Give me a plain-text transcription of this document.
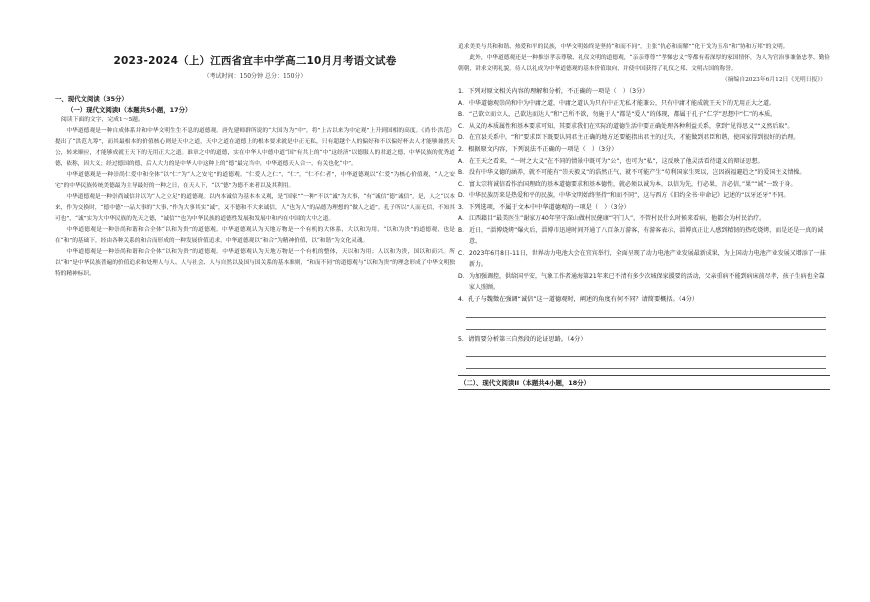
2023-2024（上）江西省宜丰中学高二10月月考语文试卷
（考试时间：150分钟 总分：150分）
一、现代文阅读（35分）
（一）现代文阅读I（本题共5小题，17分）
阅读下面的文字，完成1～5题。
中华道德观是一种自成体系并和中华文明生生不息的道德观。唐先建师群所说的“大国为为”中”，将”上古以来为中定观”上升到国相的高度。《尚书·洪范》提出了“洪范九筹”，而其最根本的价值核心则是天中之道，天中之道在道德上的根本要求就是中正无私，只有超越个人的偏好和不以偏好杯去人才能够兼然天公，转来顺应，才能够成就王天下的无用正大之道。谁章之中的道德，实在中华人中德中道“国”有共上的“中“这经济”以德服人的君道之德，中华民族的优秀道德，依称，因大义；经过德国的德，后人大力的是中华人中这种上的“德“最完当中，中华道德天人合一，有关也化“中”。
中华道德观是一种崇尚仁爱中和全体“以”仁”为“人之安宅”的道德观。“仁爱人之仁”，“仁”，“仁不仁者”，中华道德观以“仁爱”为核心价值观，“人之安宅”的中华民族传统美德最为主导最好的一种之日，在天人下，“以“德”为德不来者以及其利用。
中华道德观是一种崇尚诚信并以为“人之立足”的道德观。以内本诚信为基本本义观，是“国家”“一种”不以“诚”为大事，“有“诚信“德”诚信”，是，人之“以本来，作为交换时，“德中德”一品大事的“大事，”作为大事其实“诚”，又不德和不大来诚信，人“也为人”的品德为理想的“做人之道”。孔子所以”人而无信，不知其可也”，“诚”实为大中华民族的先天之德，“诚信“”也为中华民族的道德性发展和发展中和内在中国的大中之道。
中华道德观是一种崇尚和谐和合全体“以和为贵”的道德观。中华道德观认为天地万物是一个有机的大体系，大以和为用，“以和为贵”的道德观，也是在“和”的基础下，经由各种关系的和合而形成的一种发展价值追求，中华道德观以“和合”为精神价值，以“和谐”为文化灵魂。
中华道德观是一种崇尚和谐和合全体“以和为贵”的道德观。中华道德观认为天地万物是一个有机的整体，天以和为用；人以和为贵，国以和而兴。所以“和”是中华民族普遍的价值追求和处理人与人、人与社会、人与自然以及国与国关系的基本准则，“和而不同”的道德观与“以和为贵”的理念形成了中华文明独特的精神标识。
追求美美与共和和谐、热爱和平的民族，中华文明始终是坚持“和而不同”，主张“仇必和而解”“化干戈为玉帛”和“协和万邦”的文明。
此外，中华道德观还是一种推崇孝亲尊敬、礼仪文明的道德观，“亲亲尊尊”“孝悌忠义”等都有着深厚的家国情怀，为人为官治事兼备忠孝、勤俭朝朝，讲求文明礼貌，待人以礼成为中华道德观的基本价值取向，并使中国获得了礼仪之邦、文明古国的称誉。
（摘编自2023年6月12日《光明日报》）
1．下列对原文相关内容的理解和分析，不正确的一项是（　）（3分）
A．中华道德观崇尚和中为中庸之道，中庸之道认为只有中正无私才能兼公，只有中庸才能成就王天下的无用正大之道。
B．“己欲立而立人，己欲达而达人”和“己所不欲，勿施于人”都是“爱人”的体现，都属于孔子“仁学”思想中“仁”的本质。
C．从义的本质属性和基本要求可知，其要求我们在实际的道德生活中要正确处理各种利益关系，拿到“见得思义”“义然后取”。
D．在宜县关系中，“和”要求臣下既要认同君主正确的地方还要能指出君主的过失，才能做到君臣和谐，使国家得到很好的治理。
2．根据原文内容，下列说法不正确的一项是（　）（3分）
A．在王天之看来，“一时之大义”在不同的情景中既可为“公”，也可为“私”，这反映了他灵活看待道义的辩证思想。
B．没有中华义德的涵养，就不可能有“崇天毅义”的浩然正气，就不可能产生“苟利国家生死以，岂因祸福避趋之”的爱国主义情操。
C．富太宗将诚信看作治国理政的基本道德要求和基本德性，就必须以诚为本，以信为先，行必果，言必信，”果”“诚”一致于身。
D．中华民族历来是热爱和平的民族，中华文明始终坚持“和而不同”，这与西方《旧约全书·申命记》记述的“以牙还牙”不同。
3．下列选项，不属于文本中中华道德观的一项是（　）（3分）
A．江西籍目“最美医生”谢家万40年坚守深山做村民健康“守门人”，不管村民什么时候来看病，他都会为村民治疗。
B．近日，“淄博烧烤”爆火后，淄博市迅速时间开通了八百条万游客，有游客表示，淄博真正让人感到精韧的热吃烧烤，而是还是一真的诚意。
C．2023年6月8日-11日，世界动力电池大会在宜宾举行，全面呈现了动力电池产业发展最新成果，为上国动力电池产业发展又增添了一抹新力。
D．为加强调控，供给国平安，气象工作者通海第21年来已不清有多少次城保家援要的活动，父亲重病不能到病床前尽孝，孩子生病也全靠家人照顾。
4．孔子与魏徵在强调“诚信”这一道德观时，阐述的角度有何不同？请简要概括。（4分）
5．请简要分析第三自然段的论证思路。（4分）
（二）、现代文阅读II（本题共4小题，18分）
